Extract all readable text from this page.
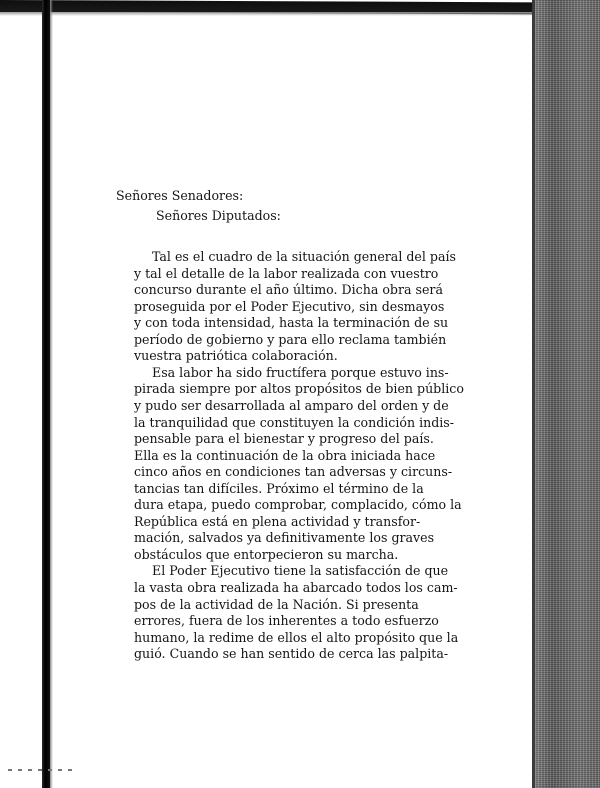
Señores Senadores:

Señores Diputados:

Tal es el cuadro de la situación general del país
y tal el detalle de la labor realizada con vuestro
concurso durante el año último. Dicha obra será
proseguida por el Poder Ejecutivo, sin desmayos
y con toda intensidad, hasta la terminación de su
período de gobierno y para ello reclama también
vuestra patriótica colaboración.

Esa labor ha sido fructífera porque estuvo ins-
pirada siempre por altos propósitos de bien público
y pudo ser desarrollada al amparo del orden y de
la tranquilidad que constituyen la condición indis-
pensable para el bienestar y progreso del país.
Ella es la continuación de la obra iniciada hace
cinco años en condiciones tan adversas y circuns-
tancias tan difíciles. Próximo el término de la
dura etapa, puedo comprobar, complacido, cómo la
República está en plena actividad y transfor-
mación, salvados ya definitivamente los graves
obstáculos que entorpecieron su marcha.

El Poder Ejecutivo tiene la satisfacción de que
la vasta obra realizada ha abarcado todos los cam-
pos de la actividad de la Nación. Si presenta
errores, fuera de los inherentes a todo esfuerzo
humano, la redime de ellos el alto propósito que la
guió. Cuando se han sentido de cerca las palpita-
